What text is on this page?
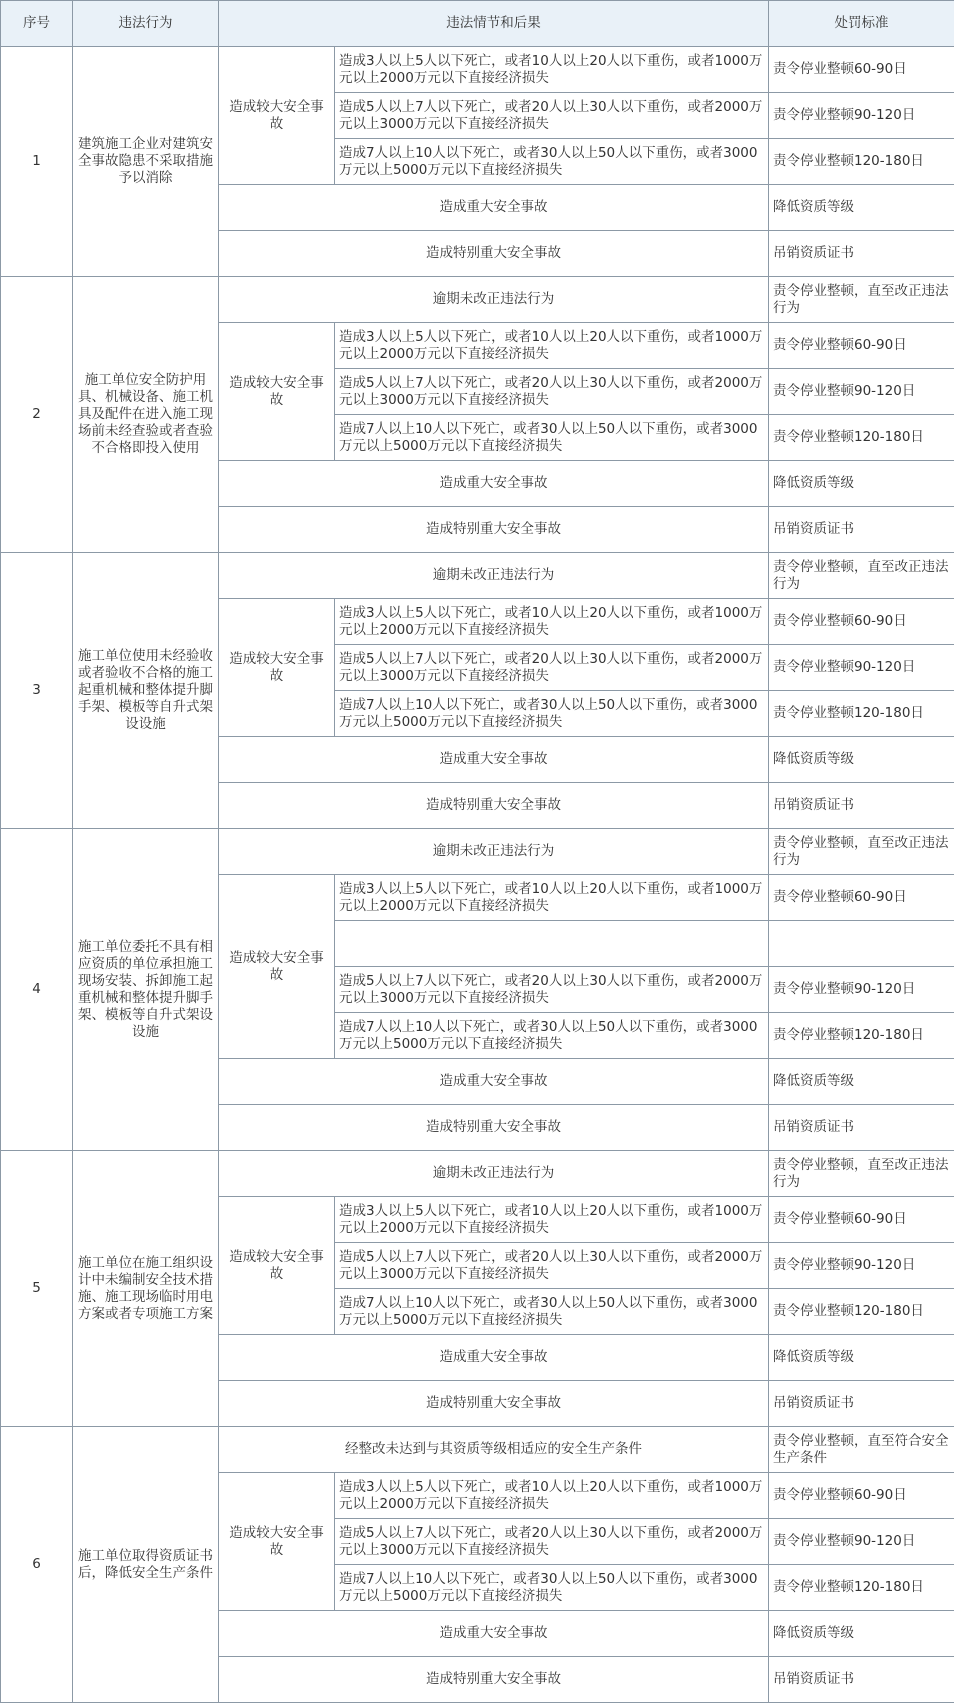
序号	违法行为	违法情节和后果		处罚标准
1	建筑施工企业对建筑安全事故隐患不采取措施予以消除	造成较大安全事故	造成3人以上5人以下死亡，或者10人以上20人以下重伤，或者1000万元以上2000万元以下直接经济损失	责令停业整顿60-90日
			造成5人以上7人以下死亡，或者20人以上30人以下重伤，或者2000万元以上3000万元以下直接经济损失	责令停业整顿90-120日
			造成7人以上10人以下死亡，或者30人以上50人以下重伤，或者3000万元以上5000万元以下直接经济损失	责令停业整顿120-180日
		造成重大安全事故		降低资质等级
		造成特别重大安全事故		吊销资质证书
2	施工单位安全防护用具、机械设备、施工机具及配件在进入施工现场前未经查验或者查验不合格即投入使用	逾期未改正违法行为		责令停业整顿，直至改正违法行为
		造成较大安全事故	造成3人以上5人以下死亡，或者10人以上20人以下重伤，或者1000万元以上2000万元以下直接经济损失	责令停业整顿60-90日
			造成5人以上7人以下死亡，或者20人以上30人以下重伤，或者2000万元以上3000万元以下直接经济损失	责令停业整顿90-120日
			造成7人以上10人以下死亡，或者30人以上50人以下重伤，或者3000万元以上5000万元以下直接经济损失	责令停业整顿120-180日
		造成重大安全事故		降低资质等级
		造成特别重大安全事故		吊销资质证书
3	施工单位使用未经验收或者验收不合格的施工起重机械和整体提升脚手架、模板等自升式架设设施	逾期未改正违法行为		责令停业整顿，直至改正违法行为
		造成较大安全事故	造成3人以上5人以下死亡，或者10人以上20人以下重伤，或者1000万元以上2000万元以下直接经济损失	责令停业整顿60-90日
			造成5人以上7人以下死亡，或者20人以上30人以下重伤，或者2000万元以上3000万元以下直接经济损失	责令停业整顿90-120日
			造成7人以上10人以下死亡，或者30人以上50人以下重伤，或者3000万元以上5000万元以下直接经济损失	责令停业整顿120-180日
		造成重大安全事故		降低资质等级
		造成特别重大安全事故		吊销资质证书
4	施工单位委托不具有相应资质的单位承担施工现场安装、拆卸施工起重机械和整体提升脚手架、模板等自升式架设设施	逾期未改正违法行为		责令停业整顿，直至改正违法行为
		造成较大安全事故	造成3人以上5人以下死亡，或者10人以上20人以下重伤，或者1000万元以上2000万元以下直接经济损失	责令停业整顿60-90日

			造成5人以上7人以下死亡，或者20人以上30人以下重伤，或者2000万元以上3000万元以下直接经济损失	责令停业整顿90-120日
			造成7人以上10人以下死亡，或者30人以上50人以下重伤，或者3000万元以上5000万元以下直接经济损失	责令停业整顿120-180日
		造成重大安全事故		降低资质等级
		造成特别重大安全事故		吊销资质证书
5	施工单位在施工组织设计中未编制安全技术措施、施工现场临时用电方案或者专项施工方案	逾期未改正违法行为		责令停业整顿，直至改正违法行为
		造成较大安全事故	造成3人以上5人以下死亡，或者10人以上20人以下重伤，或者1000万元以上2000万元以下直接经济损失	责令停业整顿60-90日
			造成5人以上7人以下死亡，或者20人以上30人以下重伤，或者2000万元以上3000万元以下直接经济损失	责令停业整顿90-120日
			造成7人以上10人以下死亡，或者30人以上50人以下重伤，或者3000万元以上5000万元以下直接经济损失	责令停业整顿120-180日
		造成重大安全事故		降低资质等级
		造成特别重大安全事故		吊销资质证书
6	施工单位取得资质证书后，降低安全生产条件	经整改未达到与其资质等级相适应的安全生产条件		责令停业整顿，直至符合安全生产条件
		造成较大安全事故	造成3人以上5人以下死亡，或者10人以上20人以下重伤，或者1000万元以上2000万元以下直接经济损失	责令停业整顿60-90日
			造成5人以上7人以下死亡，或者20人以上30人以下重伤，或者2000万元以上3000万元以下直接经济损失	责令停业整顿90-120日
			造成7人以上10人以下死亡，或者30人以上50人以下重伤，或者3000万元以上5000万元以下直接经济损失	责令停业整顿120-180日
		造成重大安全事故		降低资质等级
		造成特别重大安全事故		吊销资质证书
